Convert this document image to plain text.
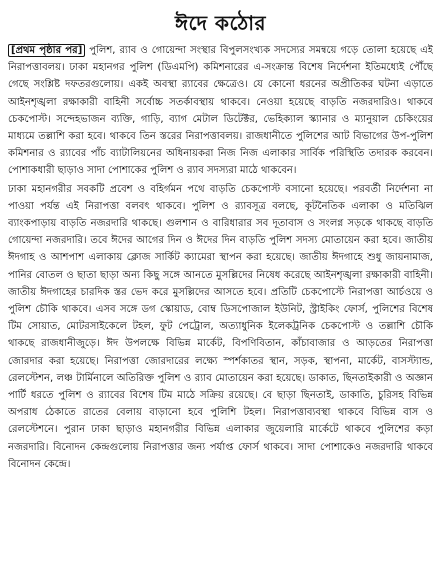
ঈদে কঠোর

[প্রথম পৃষ্ঠার পর] পুলিশ, র‌্যাব ও গোয়েন্দা সংস্থার বিপুলসংখ্যক সদস্যের সমন্বয়ে গড়ে তোলা হয়েছে এই নিরাপত্তাবলয়। ঢাকা মহানগর পুলিশ (ডিএমপি) কমিশনারের এ-সংক্রান্ত বিশেষ নির্দেশনা ইতিমধ্যেই পৌঁছে গেছে সংশ্লিষ্ট দফতরগুলোয়। একই অবস্থা র‌্যাবের ক্ষেত্রেও। যে কোনো ধরনের অপ্রীতিকর ঘটনা এড়াতে আইনশৃঙ্খলা রক্ষাকারী বাহিনী সর্বোচ্চ সতর্কাবস্থায় থাকবে। নেওয়া হয়েছে বাড়তি নজরদারিও। থাকবে চেকপোস্ট। সন্দেহভাজন ব্যক্তি, গাড়ি, ব্যাগ মেটাল ডিটেক্টর, ভেহিক্যাল স্ক্যানার ও ম্যানুয়াল চেকিংয়ের মাধ্যমে তল্লাশি করা হবে। থাকবে তিন স্তরের নিরাপত্তাবলয়। রাজধানীতে পুলিশের আট বিভাগের উপ-পুলিশ কমিশনার ও র‌্যাবের পাঁচ ব্যাটালিয়নের অধিনায়করা নিজ নিজ এলাকার সার্বিক পরিস্থিতি তদারক করবেন। পোশাকধারী ছাড়াও সাদা পোশাকের পুলিশ ও র‌্যাব সদস্যরা মাঠে থাকবেন।

ঢাকা মহানগরীর সবকটি প্রবেশ ও বহির্গমন পথে বাড়তি চেকপোস্ট বসানো হয়েছে। পরবর্তী নির্দেশনা না পাওয়া পর্যন্ত এই নিরাপত্তা বলবৎ থাকবে। পুলিশ ও র‌্যাবসূত্র বলছে, কূটনৈতিক এলাকা ও মতিঝিল ব্যাংকপাড়ায় বাড়তি নজরদারি থাকছে। গুলশান ও বারিধারার সব দূতাবাস ও সংলগ্ন সড়কে থাকছে বাড়তি গোয়েন্দা নজরদারি। তবে ঈদের আগের দিন ও ঈদের দিন বাড়তি পুলিশ সদস্য মোতায়েন করা হবে। জাতীয় ঈদগাহ ও আশপাশ এলাকায় ক্লোজ সার্কিট ক্যামেরা স্থাপন করা হয়েছে। জাতীয় ঈদগাহে শুধু জায়নামাজ, পানির বোতল ও ছাতা ছাড়া অন্য কিছু সঙ্গে আনতে মুসল্লিদের নিষেধ করেছে আইনশৃঙ্খলা রক্ষাকারী বাহিনী। জাতীয় ঈদগাহের চারদিক স্তর ভেদ করে মুসল্লিদের আসতে হবে। প্রতিটি চেকপোস্টে নিরাপত্তা আর্চওয়ে ও পুলিশ চৌকি থাকবে। এসব সঙ্গে ডগ স্কোয়াড, বোম্ব ডিসপোজাল ইউনিট, স্ট্রাইকিং ফোর্স, পুলিশের বিশেষ টিম সোয়াত, মোটরসাইকেলে টহল, ফুট পেট্রোল, অত্যাধুনিক ইলেকট্রনিক চেকপোস্ট ও তল্লাশি চৌকি থাকছে রাজধানীজুড়ে। ঈদ উপলক্ষে বিভিন্ন মার্কেট, বিপণিবিতান, কাঁচাবাজার ও আড়তের নিরাপত্তা জোরদার করা হয়েছে। নিরাপত্তা জোরদারের লক্ষ্যে স্পর্শকাতর স্থান, সড়ক, স্থাপনা, মার্কেট, বাসস্ট্যান্ড, রেলস্টেশন, লঞ্চ টার্মিনালে অতিরিক্ত পুলিশ ও র‌্যাব মোতায়েন করা হয়েছে। ডাকাত, ছিনতাইকারী ও অজ্ঞান পার্টি ধরতে পুলিশ ও র‌্যাবের বিশেষ টিম মাঠে সক্রিয় রয়েছে। বে ছাড়া ছিনতাই, ডাকাতি, চুরিসহ বিভিন্ন অপরাধ ঠেকাতে রাতের বেলায় বাড়ানো হবে পুলিশি টহল। নিরাপত্তাব্যবস্থা থাকবে বিভিন্ন বাস ও রেলস্টেশনে। পুরান ঢাকা ছাড়াও মহানগরীর বিভিন্ন এলাকার জুয়েলারি মার্কেটে থাকবে পুলিশের কড়া নজরদারি। বিনোদন কেন্দ্রগুলোয় নিরাপত্তার জন্য পর্যাপ্ত ফোর্স থাকবে। সাদা পোশাকেও নজরদারি থাকবে বিনোদন কেন্দ্রে।
